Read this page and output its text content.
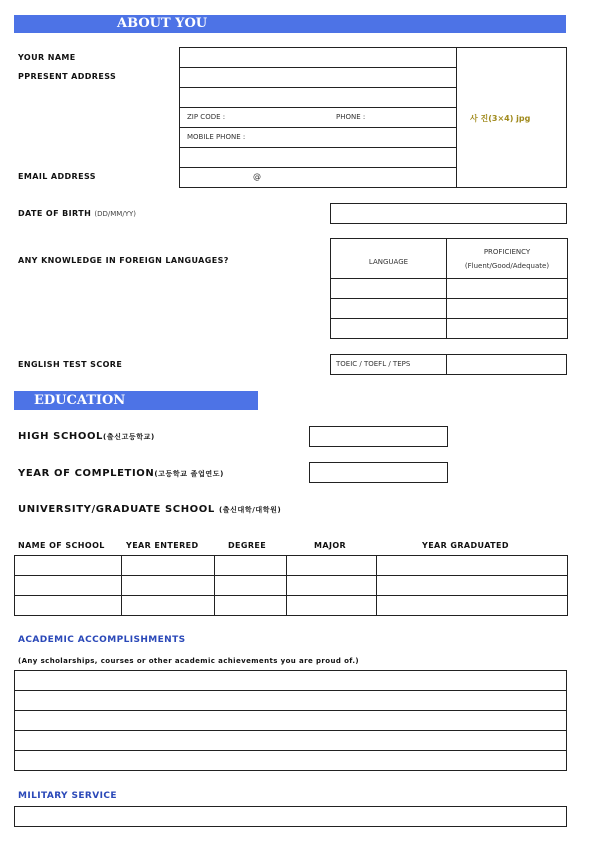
ABOUT YOU
YOUR NAME
PPRESENT ADDRESS
ZIP CODE :	PHONE :
MOBILE PHONE :
사 진(3×4) jpg
EMAIL ADDRESS	@
DATE OF BIRTH (DD/MM/YY)
ANY KNOWLEDGE IN FOREIGN LANGUAGES?	LANGUAGE	PROFICIENCY
(Fluent/Good/Adequate)

ENGLISH TEST SCORE	TOEIC / TOEFL / TEPS
EDUCATION
HIGH SCHOOL(출신고등학교)
YEAR OF COMPLETION(고등학교 졸업연도)
UNIVERSITY/GRADUATE SCHOOL (출신대학/대학원)
NAME OF SCHOOL	YEAR ENTERED	DEGREE	MAJOR	YEAR GRADUATED

ACADEMIC ACCOMPLISHMENTS
(Any scholarships, courses or other academic achievements you are proud of.)

MILITARY SERVICE
